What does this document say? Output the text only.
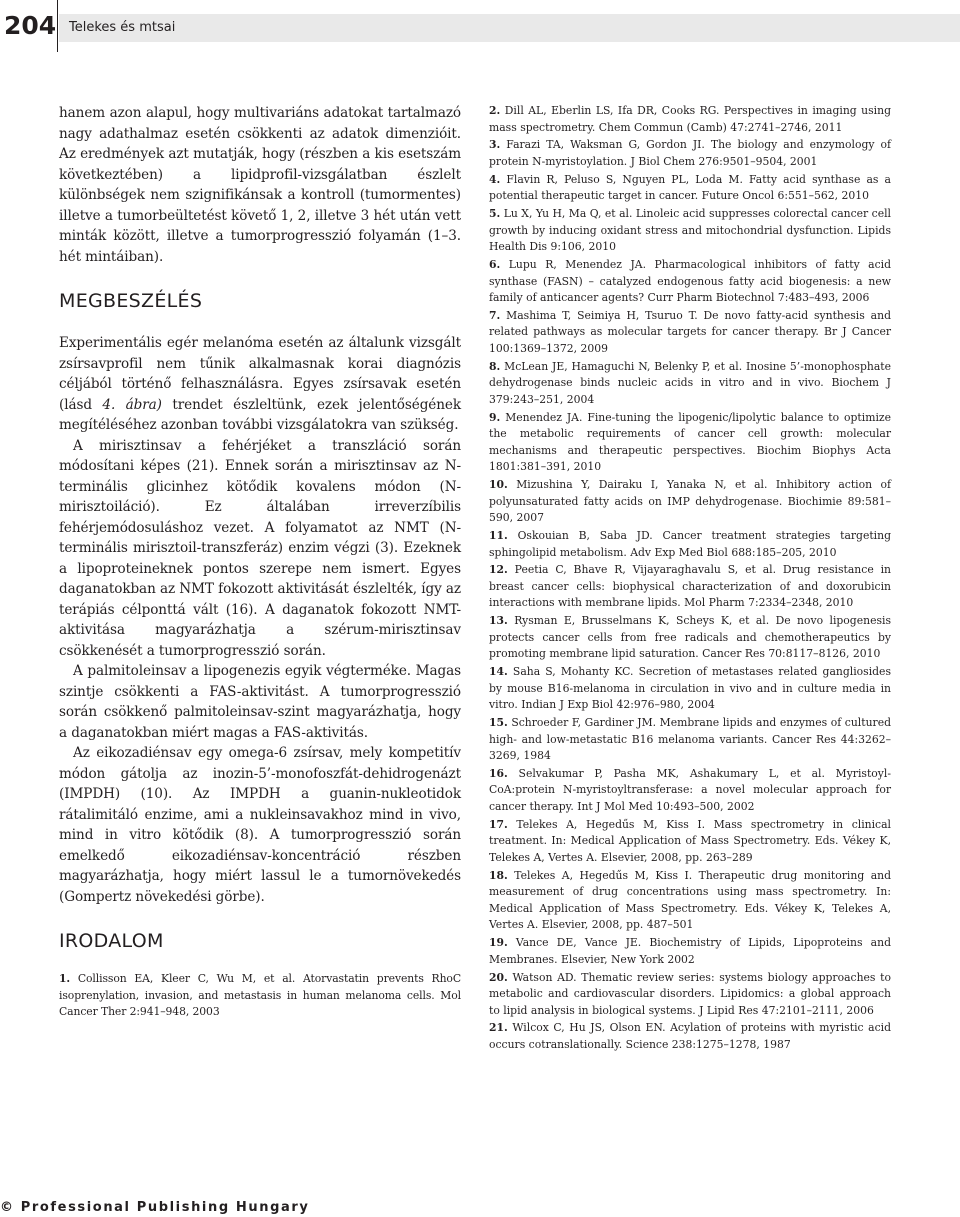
204 Telekes és mtsai

hanem azon alapul, hogy multivariáns adatokat tartalmazó nagy adathalmaz esetén csökkenti az adatok dimenzióit. Az eredmények azt mutatják, hogy (részben a kis esetszám következtében) a lipidprofil-vizsgálatban észlelt különbségek nem szignifikánsak a kontroll (tumormentes) illetve a tumorbeültetést követő 1, 2, illetve 3 hét után vett minták között, illetve a tumorprogresszió folyamán (1–3. hét mintáiban).

MEGBESZÉLÉS

Experimentális egér melanóma esetén az általunk vizsgált zsírsavprofil nem tűnik alkalmasnak korai diagnózis céljából történő felhasználásra. Egyes zsírsavak esetén (lásd 4. ábra) trendet észleltünk, ezek jelentőségének megítéléséhez azonban további vizsgálatokra van szükség.

A mirisztinsav a fehérjéket a transzláció során módosítani képes (21). Ennek során a mirisztinsav az N-terminális glicinhez kötődik kovalens módon (N-mirisztoiláció). Ez általában irreverzíbilis fehérjemódosuláshoz vezet. A folyamatot az NMT (N-terminális mirisztoil-transzferáz) enzim végzi (3). Ezeknek a lipoproteineknek pontos szerepe nem ismert. Egyes daganatokban az NMT fokozott aktivitását észlelték, így az terápiás célponttá vált (16). A daganatok fokozott NMT-aktivitása magyarázhatja a szérum-mirisztinsav csökkenését a tumorprogresszió során.

A palmitoleinsav a lipogenezis egyik végterméke. Magas szintje csökkenti a FAS-aktivitást. A tumorprogresszió során csökkenő palmitoleinsav-szint magyarázhatja, hogy a daganatokban miért magas a FAS-aktivitás.

Az eikozadiénsav egy omega-6 zsírsav, mely kompetitív módon gátolja az inozin-5’-monofoszfát-dehidrogenázt (IMPDH) (10). Az IMPDH a guanin-nukleotidok rátalimitáló enzime, ami a nukleinsavakhoz mind in vivo, mind in vitro kötődik (8). A tumorprogresszió során emelkedő eikozadiénsav-koncentráció részben magyarázhatja, hogy miért lassul le a tumornövekedés (Gompertz növekedési görbe).

IRODALOM

1. Collisson EA, Kleer C, Wu M, et al. Atorvastatin prevents RhoC isoprenylation, invasion, and metastasis in human melanoma cells. Mol Cancer Ther 2:941–948, 2003

2. Dill AL, Eberlin LS, Ifa DR, Cooks RG. Perspectives in imaging using mass spectrometry. Chem Commun (Camb) 47:2741–2746, 2011

3. Farazi TA, Waksman G, Gordon JI. The biology and enzymology of protein N-myristoylation. J Biol Chem 276:9501–9504, 2001

4. Flavin R, Peluso S, Nguyen PL, Loda M. Fatty acid synthase as a potential therapeutic target in cancer. Future Oncol 6:551–562, 2010

5. Lu X, Yu H, Ma Q, et al. Linoleic acid suppresses colorectal cancer cell growth by inducing oxidant stress and mitochondrial dysfunction. Lipids Health Dis 9:106, 2010

6. Lupu R, Menendez JA. Pharmacological inhibitors of fatty acid synthase (FASN) – catalyzed endogenous fatty acid biogenesis: a new family of anticancer agents? Curr Pharm Biotechnol 7:483–493, 2006

7. Mashima T, Seimiya H, Tsuruo T. De novo fatty-acid synthesis and related pathways as molecular targets for cancer therapy. Br J Cancer 100:1369–1372, 2009

8. McLean JE, Hamaguchi N, Belenky P, et al. Inosine 5’-monophosphate dehydrogenase binds nucleic acids in vitro and in vivo. Biochem J 379:243–251, 2004

9. Menendez JA. Fine-tuning the lipogenic/lipolytic balance to optimize the metabolic requirements of cancer cell growth: molecular mechanisms and therapeutic perspectives. Biochim Biophys Acta 1801:381–391, 2010

10. Mizushina Y, Dairaku I, Yanaka N, et al. Inhibitory action of polyunsaturated fatty acids on IMP dehydrogenase. Biochimie 89:581–590, 2007

11. Oskouian B, Saba JD. Cancer treatment strategies targeting sphingolipid metabolism. Adv Exp Med Biol 688:185–205, 2010

12. Peetia C, Bhave R, Vijayaraghavalu S, et al. Drug resistance in breast cancer cells: biophysical characterization of and doxorubicin interactions with membrane lipids. Mol Pharm 7:2334–2348, 2010

13. Rysman E, Brusselmans K, Scheys K, et al. De novo lipogenesis protects cancer cells from free radicals and chemotherapeutics by promoting membrane lipid saturation. Cancer Res 70:8117–8126, 2010

14. Saha S, Mohanty KC. Secretion of metastases related gangliosides by mouse B16-melanoma in circulation in vivo and in culture media in vitro. Indian J Exp Biol 42:976–980, 2004

15. Schroeder F, Gardiner JM. Membrane lipids and enzymes of cultured high- and low-metastatic B16 melanoma variants. Cancer Res 44:3262–3269, 1984

16. Selvakumar P, Pasha MK, Ashakumary L, et al. Myristoyl-CoA:protein N-myristoyltransferase: a novel molecular approach for cancer therapy. Int J Mol Med 10:493–500, 2002

17. Telekes A, Hegedűs M, Kiss I. Mass spectrometry in clinical treatment. In: Medical Application of Mass Spectrometry. Eds. Vékey K, Telekes A, Vertes A. Elsevier, 2008, pp. 263–289

18. Telekes A, Hegedűs M, Kiss I. Therapeutic drug monitoring and measurement of drug concentrations using mass spectrometry. In: Medical Application of Mass Spectrometry. Eds. Vékey K, Telekes A, Vertes A. Elsevier, 2008, pp. 487–501

19. Vance DE, Vance JE. Biochemistry of Lipids, Lipoproteins and Membranes. Elsevier, New York 2002

20. Watson AD. Thematic review series: systems biology approaches to metabolic and cardiovascular disorders. Lipidomics: a global approach to lipid analysis in biological systems. J Lipid Res 47:2101–2111, 2006

21. Wilcox C, Hu JS, Olson EN. Acylation of proteins with myristic acid occurs cotranslationally. Science 238:1275–1278, 1987

© Professional Publishing Hungary
